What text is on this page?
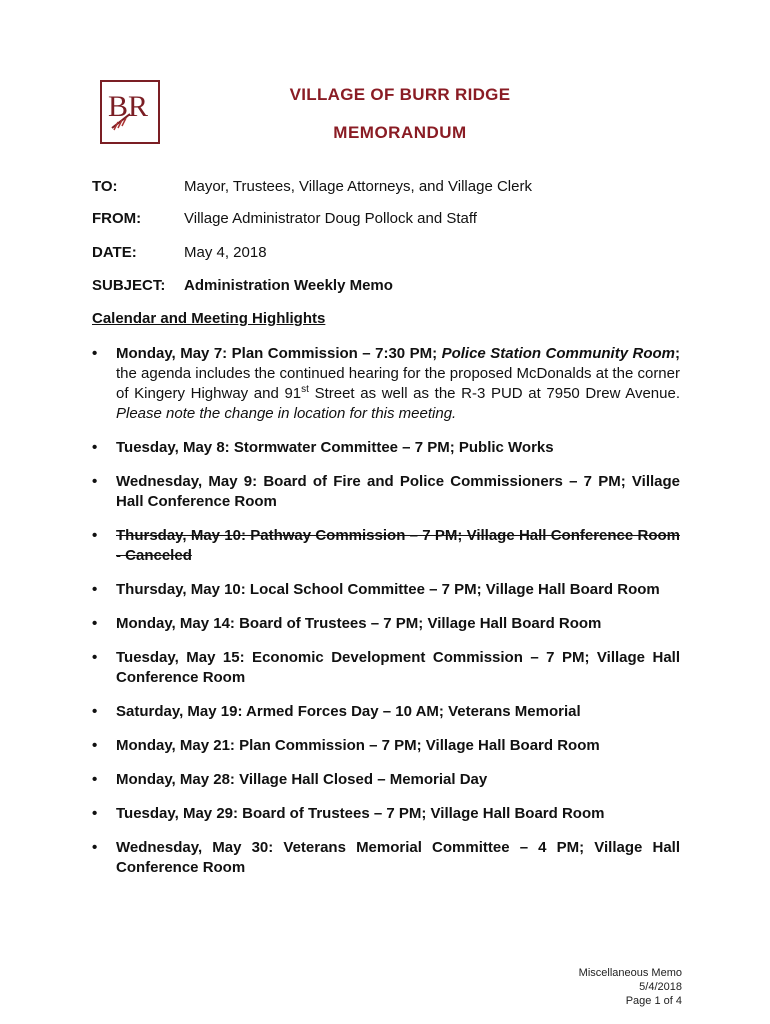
BR	VILLAGE OF BURR RIDGE
MEMORANDUM
TO:	Mayor, Trustees, Village Attorneys, and Village Clerk
FROM:	Village Administrator Doug Pollock and Staff
DATE:	May 4, 2018
SUBJECT: Administration Weekly Memo
Calendar and Meeting Highlights
• Monday, May 7: Plan Commission – 7:30 PM; Police Station Community Room; the agenda includes the continued hearing for the proposed McDonalds at the corner of Kingery Highway and 91st Street as well as the R-3 PUD at 7950 Drew Avenue. Please note the change in location for this meeting.
• Tuesday, May 8: Stormwater Committee – 7 PM; Public Works
• Wednesday, May 9: Board of Fire and Police Commissioners – 7 PM; Village Hall Conference Room
• Thursday, May 10: Pathway Commission – 7 PM; Village Hall Conference Room - Canceled
• Thursday, May 10: Local School Committee – 7 PM; Village Hall Board Room
• Monday, May 14: Board of Trustees – 7 PM; Village Hall Board Room
• Tuesday, May 15: Economic Development Commission – 7 PM; Village Hall Conference Room
• Saturday, May 19: Armed Forces Day – 10 AM; Veterans Memorial
• Monday, May 21: Plan Commission – 7 PM; Village Hall Board Room
• Monday, May 28: Village Hall Closed – Memorial Day
• Tuesday, May 29: Board of Trustees – 7 PM; Village Hall Board Room
• Wednesday, May 30: Veterans Memorial Committee – 4 PM; Village Hall Conference Room
Miscellaneous Memo
5/4/2018
Page 1 of 4
